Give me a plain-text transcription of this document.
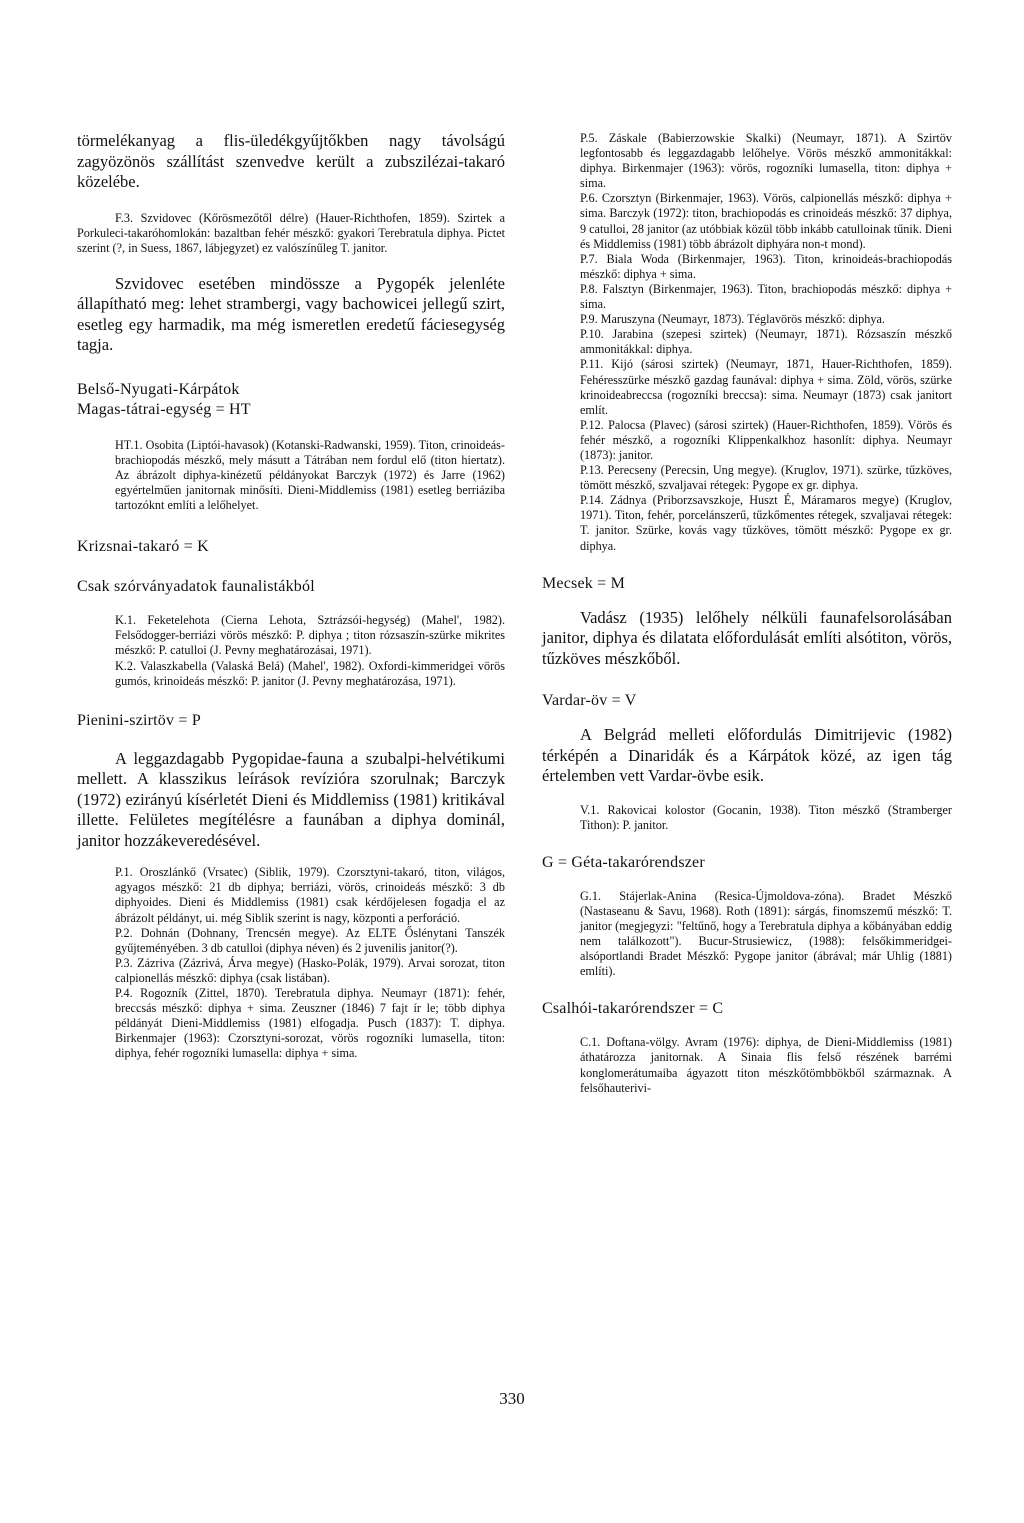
törmelékanyag a flis-üledékgyűjtőkben nagy távolságú zagyözönös szállítást szenvedve került a zubszilézai-takaró közelébe.

F.3. Szvidovec (Kőrösmezőtől délre) (Hauer-Richthofen, 1859). Szirtek a Porkuleci-takaróhomlokán: bazaltban fehér mészkő: gyakori Terebratula diphya. Pictet szerint (?, in Suess, 1867, lábjegyzet) ez valószínűleg T. janitor.

Szvidovec esetében mindössze a Pygopék jelenléte állapítható meg: lehet strambergi, vagy bachowicei jellegű szirt, esetleg egy harmadik, ma még ismeretlen eredetű fáciesegység tagja.

Belső-Nyugati-Kárpátok
Magas-tátrai-egység = HT

HT.1. Osobita (Liptói-havasok) (Kotanski-Radwanski, 1959). Titon, crinoideás-brachiopodás mészkő, mely másutt a Tátrában nem fordul elő (titon hiertatz). Az ábrázolt diphya-kinézetű példányokat Barczyk (1972) és Jarre (1962) egyértelműen janitornak minősíti. Dieni-Middlemiss (1981) esetleg berriáziba tartozóknt említi a lelőhelyet.

Krizsnai-takaró = K
Csak szórványadatok faunalistákból

K.1. Feketelehota (Cierna Lehota, Sztrázsói-hegység) (Mahel', 1982). Felsődogger-berriázi vörös mészkő: P. diphya ; titon rózsaszín-szürke mikrites mészkő: P. catulloi (J. Pevny meghatározásai, 1971).

K.2. Valaszkabella (Valaská Belá) (Mahel', 1982). Oxfordi-kimmeridgei vörös gumós, krinoideás mészkő: P. janitor (J. Pevny meghatározása, 1971).

Pienini-szirtöv = P

A leggazdagabb Pygopidae-fauna a szubalpi-helvétikumi mellett. A klasszikus leírások revízióra szorulnak; Barczyk (1972) ezirányú kísérletét Dieni és Middlemiss (1981) kritikával illette. Felületes megítélésre a faunában a diphya dominál, janitor hozzákeveredésével.

P.1. Oroszlánkő (Vrsatec) (Siblik, 1979). Czorsztyni-takaró, titon, világos, agyagos mészkő: 21 db diphya; berriázi, vörös, crinoideás mészkő: 3 db diphyoides. Dieni és Middlemiss (1981) csak kérdőjelesen fogadja el az ábrázolt példányt, ui. még Siblik szerint is nagy, központi a perforáció.

P.2. Dohnán (Dohnany, Trencsén megye). Az ELTE Őslénytani Tanszék gyűjteményében. 3 db catulloi (diphya néven) és 2 juvenilis janitor(?).

P.3. Zázriva (Zázrivá, Árva megye) (Hasko-Polák, 1979). Arvai sorozat, titon calpionellás mészkő: diphya (csak listában).

P.4. Rogozník (Zittel, 1870). Terebratula diphya. Neumayr (1871): fehér, breccsás mészkő: diphya + sima. Zeuszner (1846) 7 fajt ír le; több diphya példányát Dieni-Middlemiss (1981) elfogadja. Pusch (1837): T. diphya. Birkenmajer (1963): Czorsztyni-sorozat, vörös rogozníki lumasella, titon: diphya, fehér rogozníki lumasella: diphya + sima.

P.5. Záskale (Babierzowskie Skalki) (Neumayr, 1871). A Szirtöv legfontosabb és leggazdagabb lelőhelye. Vörös mészkő ammonitákkal: diphya. Birkenmajer (1963): vörös, rogozníki lumasella, titon: diphya + sima.

P.6. Czorsztyn (Birkenmajer, 1963). Vörös, calpionellás mészkő: diphya + sima. Barczyk (1972): titon, brachiopodás es crinoideás mészkő: 37 diphya, 9 catulloi, 28 janitor (az utóbbiak közül több inkább catulloinak tűnik. Dieni és Middlemiss (1981) több ábrázolt diphyára non-t mond).

P.7. Biala Woda (Birkenmajer, 1963). Titon, krinoideás-brachiopodás mészkő: diphya + sima.

P.8. Falsztyn (Birkenmajer, 1963). Titon, brachiopodás mészkő: diphya + sima.

P.9. Maruszyna (Neumayr, 1873). Téglavörös mészkő: diphya.

P.10. Jarabina (szepesi szirtek) (Neumayr, 1871). Rózsaszín mészkő ammonitákkal: diphya.

P.11. Kijó (sárosi szirtek) (Neumayr, 1871, Hauer-Richthofen, 1859). Fehéresszürke mészkő gazdag faunával: diphya + sima. Zöld, vörös, szürke krinoideabreccsa (rogozníki breccsa): sima. Neumayr (1873) csak janitort említ.

P.12. Palocsa (Plavec) (sárosi szirtek) (Hauer-Richthofen, 1859). Vörös és fehér mészkő, a rogozníki Klippenkalkhoz hasonlít: diphya. Neumayr (1873): janitor.

P.13. Perecseny (Perecsin, Ung megye). (Kruglov, 1971). szürke, tűzköves, tömött mészkő, szvaljavai rétegek: Pygope ex gr. diphya.

P.14. Zádnya (Priborzsavszkoje, Huszt É, Máramaros megye) (Kruglov, 1971). Titon, fehér, porcelánszerű, tűzkőmentes rétegek, szvaljavai rétegek: T. janitor. Szürke, kovás vagy tűzköves, tömött mészkő: Pygope ex gr. diphya.

Mecsek = M

Vadász (1935) lelőhely nélküli faunafelsorolásában janitor, diphya és dilatata előfordulását említi alsótiton, vörös, tűzköves mészkőből.

Vardar-öv = V

A Belgrád melleti előfordulás Dimitrijevic (1982) térképén a Dinaridák és a Kárpátok közé, az igen tág értelemben vett Vardar-övbe esik.

V.1. Rakovicai kolostor (Gocanin, 1938). Titon mészkő (Stramberger Tithon): P. janitor.

G = Géta-takarórendszer

G.1. Stájerlak-Anina (Resica-Újmoldova-zóna). Bradet Mészkő (Nastaseanu & Savu, 1968). Roth (1891): sárgás, finomszemű mészkő: T. janitor (megjegyzi: "feltűnő, hogy a Terebratula diphya a kőbányában eddig nem találkozott"). Bucur-Strusiewicz, (1988): felsőkimmeridgei-alsóportlandi Bradet Mészkő: Pygope janitor (ábrával; már Uhlig (1881) említi).

Csalhói-takarórendszer = C

C.1. Doftana-völgy. Avram (1976): diphya, de Dieni-Middlemiss (1981) áthatározza janitornak. A Sinaia flis felső részének barrémi konglomerátumaiba ágyazott titon mészkőtömbbökből származnak. A felsőhauterivi-

330
